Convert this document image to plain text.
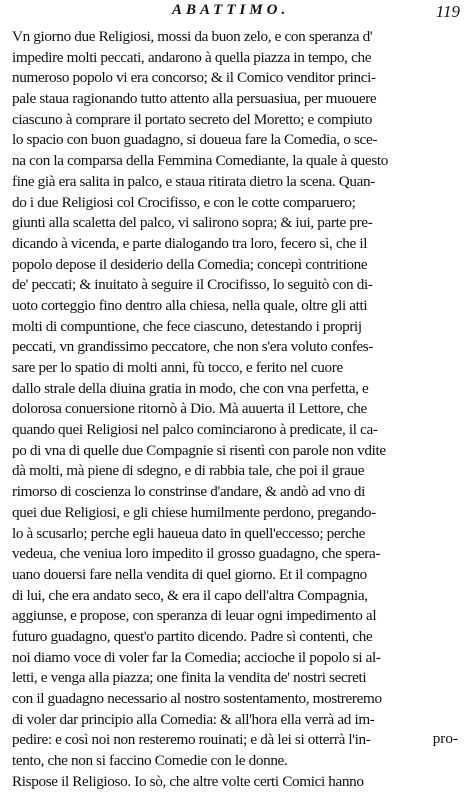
ABATTIMO.	119
Vn giorno due Religiosi, mossi da buon zelo, e con speranza d'
impedire molti peccati, andarono à quella piazza in tempo, che
numeroso popolo vi era concorso; & il Comico venditor princi-
pale staua ragionando tutto attento alla persuasiua, per muouere
ciascuno à comprare il portato secreto del Moretto; e compiuto
lo spacio con buon guadagno, si doueua fare la Comedia, o sce-
na con la comparsa della Femmina Comediante, la quale à questo
fine già era salita in palco, e staua ritirata dietro la scena. Quan-
do i due Religiosi col Crocifisso, e con le cotte comparuero;
giunti alla scaletta del palco, vi salirono sopra; & iui, parte pre-
dicando à vicenda, e parte dialogando tra loro, fecero sì, che il
popolo depose il desiderio della Comedia; concepì contritione
de' peccati; & inuitato à seguire il Crocifisso, lo seguitò con di-
uoto corteggio fino dentro alla chiesa, nella quale, oltre gli atti
molti di compuntione, che fece ciascuno, detestando i proprij
peccati, vn grandissimo peccatore, che non s'era voluto confes-
sare per lo spatio di molti anni, fù tocco, e ferito nel cuore
dallo strale della diuina gratia in modo, che con vna perfetta, e
dolorosa conuersione ritornò à Dio. Mà auuerta il Lettore, che
quando quei Religiosi nel palco cominciarono à predicate, il ca-
po di vna di quelle due Compagnie si risentì con parole non vdite
dà molti, mà piene di sdegno, e di rabbia tale, che poi il graue
rimorso di coscienza lo constrinse d'andare, & andò ad vno di
quei due Religiosi, e gli chiese humilmente perdono, pregando-
lo à scusarlo; perche egli haueua dato in quell'eccesso; perche
vedeua, che veniua loro impedito il grosso guadagno, che spera-
uano douersi fare nella vendita di quel giorno. Et il compagno
di lui, che era andato seco, & era il capo dell'altra Compagnia,
aggiunse, e propose, con speranza di leuar ogni impedimento al
futuro guadagno, quest'o partito dicendo. Padre sì contenti, che
noi diamo voce di voler far la Comedia; accioche il popolo si al-
letti, e venga alla piazza; one finita la vendita de' nostri secreti
con il guadagno necessario al nostro sostentamento, mostreremo
di voler dar principio alla Comedia: & all'hora ella verrà ad im-
pedire: e così noi non resteremo rouinati; e dà lei si otterrà l'in-
tento, che non si faccino Comedie con le donne.
Rispose il Religioso. Io sò, che altre volte certi Comici hanno
pro-
